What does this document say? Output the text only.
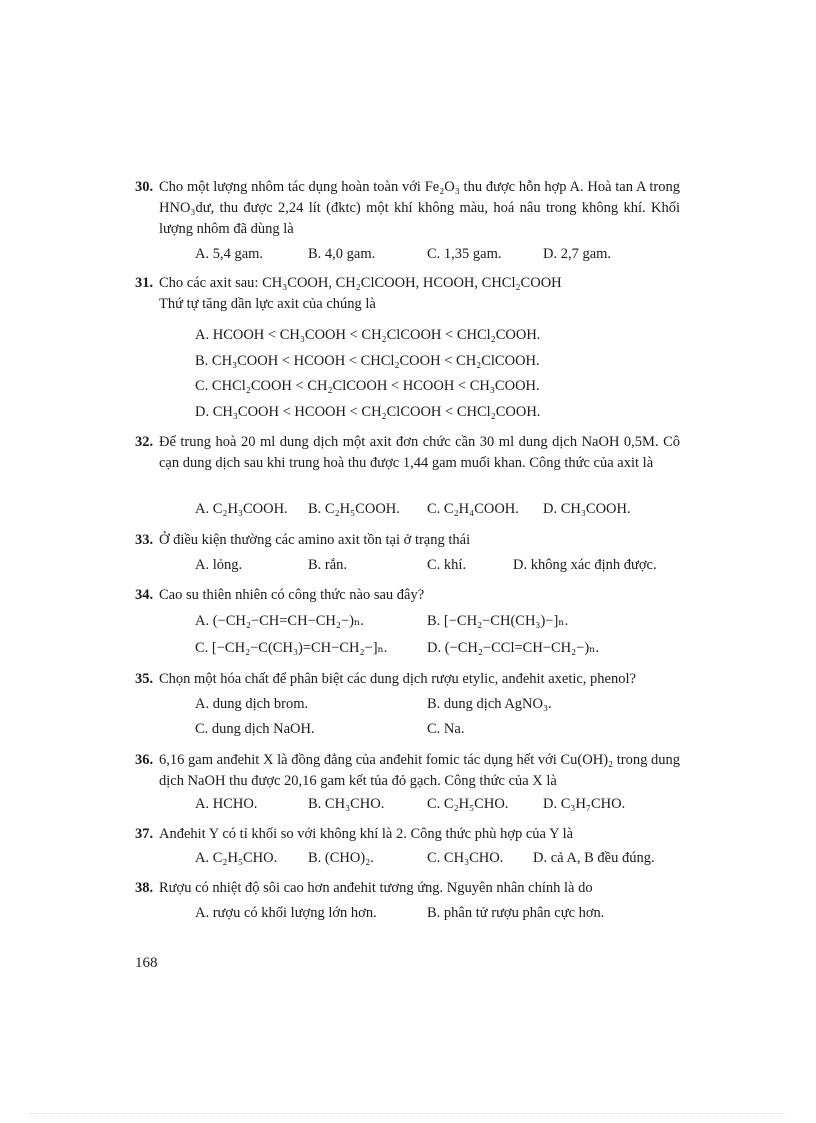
30. Cho một lượng nhôm tác dụng hoàn toàn với Fe₂O₃ thu được hỗn hợp A. Hoà tan A trong HNO₃dư, thu được 2,24 lít (đktc) một khí không màu, hoá nâu trong không khí. Khối lượng nhôm đã dùng là
A. 5,4 gam.	B. 4,0 gam.	C. 1,35 gam.	D. 2,7 gam.
31. Cho các axit sau: CH₃COOH, CH₂ClCOOH, HCOOH, CHCl₂COOH
Thứ tự tăng dần lực axit của chúng là
A. HCOOH < CH₃COOH < CH₂ClCOOH < CHCl₂COOH.
B. CH₃COOH < HCOOH < CHCl₂COOH < CH₂ClCOOH.
C. CHCl₂COOH < CH₂ClCOOH < HCOOH < CH₃COOH.
D. CH₃COOH < HCOOH < CH₂ClCOOH < CHCl₂COOH.
32. Để trung hoà 20 ml dung dịch một axit đơn chức cần 30 ml dung dịch NaOH 0,5M. Cô cạn dung dịch sau khi trung hoà thu được 1,44 gam muối khan. Công thức của axit là
A. C₂H₃COOH. B. C₂H₅COOH. C. C₂H₄COOH. D. CH₃COOH.
33. Ở điều kiện thường các amino axit tồn tại ở trạng thái
A. lỏng.	B. rắn.	C. khí.	D. không xác định được.
34. Cao su thiên nhiên có công thức nào sau đây?
A. (−CH₂−CH=CH−CH₂−)ₙ.	B. [−CH₂−CH(CH₃)−]ₙ.
C. [−CH₂−C(CH₃)=CH−CH₂−]ₙ.	D. (−CH₂−CCl=CH−CH₂−)ₙ.
35. Chọn một hóa chất để phân biệt các dung dịch rượu etylic, anđehit axetic, phenol?
A. dung dịch brom.	B. dung dịch AgNO₃.
C. dung dịch NaOH.	C. Na.
36. 6,16 gam anđehit X là đồng đẳng của anđehit fomic tác dụng hết với Cu(OH)₂ trong dung dịch NaOH thu được 20,16 gam kết tủa đỏ gạch. Công thức của X là
A. HCHO.	B. CH₃CHO.	C. C₂H₅CHO. D. C₃H₇CHO.
37. Anđehit Y có tỉ khối so với không khí là 2. Công thức phù hợp của Y là
A. C₂H₅CHO. B. (CHO)₂.	C. CH₃CHO. D. cả A, B đều đúng.
38. Rượu có nhiệt độ sôi cao hơn anđehit tương ứng. Nguyên nhân chính là do
A. rượu có khối lượng lớn hơn.	B. phân tử rượu phân cực hơn.
168
